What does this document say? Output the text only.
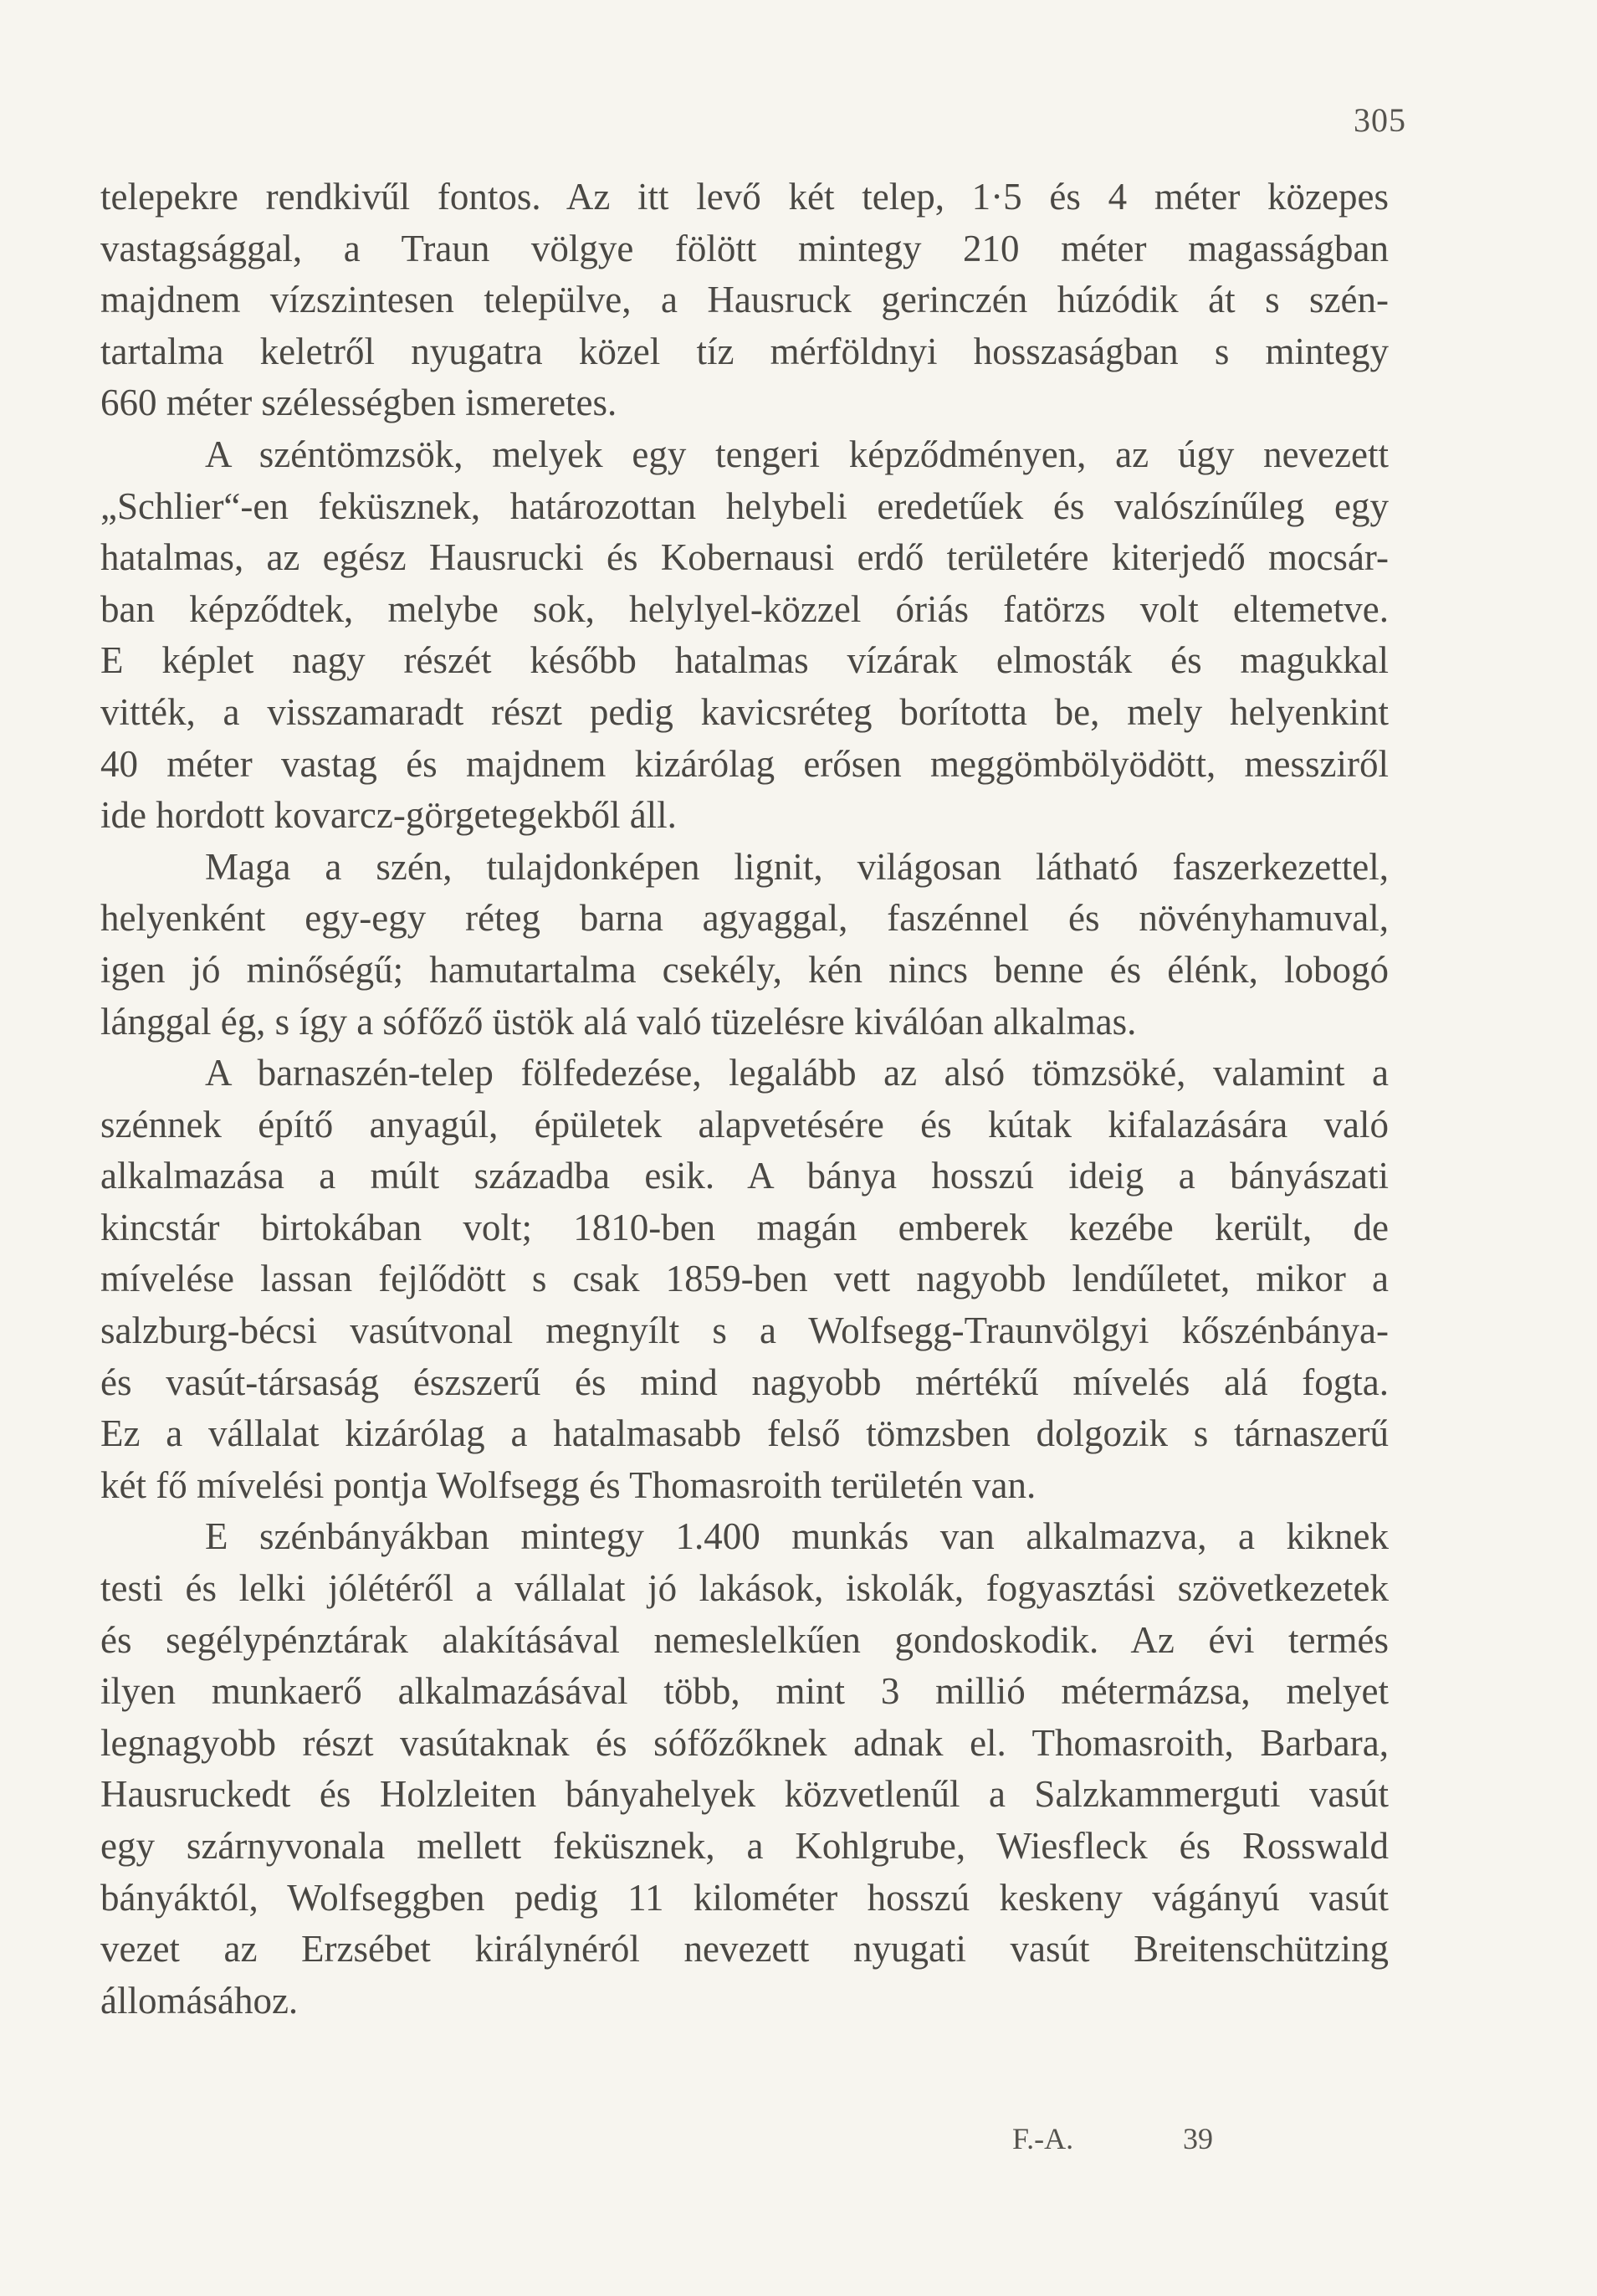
305
telepekre rendkivűl fontos. Az itt levő két telep, 1·5 és 4 méter közepes
vastagsággal, a Traun völgye fölött mintegy 210 méter magasságban
majdnem vízszintesen települve, a Hausruck gerinczén húzódik át s szén-
tartalma keletről nyugatra közel tíz mérföldnyi hosszaságban s mintegy
660 méter szélességben ismeretes.
A széntömzsök, melyek egy tengeri képződményen, az úgy nevezett
„Schlier“-en feküsznek, határozottan helybeli eredetűek és valószínűleg egy
hatalmas, az egész Hausrucki és Kobernausi erdő területére kiterjedő mocsár-
ban képződtek, melybe sok, helylyel-közzel óriás fatörzs volt eltemetve.
E képlet nagy részét később hatalmas vízárak elmosták és magukkal
vitték, a visszamaradt részt pedig kavicsréteg borította be, mely helyenkint
40 méter vastag és majdnem kizárólag erősen meggömbölyödött, messziről
ide hordott kovarcz-görgetegekből áll.
Maga a szén, tulajdonképen lignit, világosan látható faszerkezettel,
helyenként egy-egy réteg barna agyaggal, faszénnel és növényhamuval,
igen jó minőségű; hamutartalma csekély, kén nincs benne és élénk, lobogó
lánggal ég, s így a sófőző üstök alá való tüzelésre kiválóan alkalmas.
A barnaszén-telep fölfedezése, legalább az alsó tömzsöké, valamint a
szénnek építő anyagúl, épületek alapvetésére és kútak kifalazására való
alkalmazása a múlt századba esik. A bánya hosszú ideig a bányászati
kincstár birtokában volt; 1810-ben magán emberek kezébe került, de
mívelése lassan fejlődött s csak 1859-ben vett nagyobb lendűletet, mikor a
salzburg-bécsi vasútvonal megnyílt s a Wolfsegg-Traunvölgyi kőszénbánya-
és vasút-társaság észszerű és mind nagyobb mértékű mívelés alá fogta.
Ez a vállalat kizárólag a hatalmasabb felső tömzsben dolgozik s tárnaszerű
két fő mívelési pontja Wolfsegg és Thomasroith területén van.
E szénbányákban mintegy 1.400 munkás van alkalmazva, a kiknek
testi és lelki jólétéről a vállalat jó lakások, iskolák, fogyasztási szövetkezetek
és segélypénztárak alakításával nemeslelkűen gondoskodik. Az évi termés
ilyen munkaerő alkalmazásával több, mint 3 millió métermázsa, melyet
legnagyobb részt vasútaknak és sófőzőknek adnak el. Thomasroith, Barbara,
Hausruckedt és Holzleiten bányahelyek közvetlenűl a Salzkammerguti vasút
egy szárnyvonala mellett feküsznek, a Kohlgrube, Wiesfleck és Rosswald
bányáktól, Wolfseggben pedig 11 kilométer hosszú keskeny vágányú vasút
vezet az Erzsébet királynéról nevezett nyugati vasút Breitenschützing
állomásához.
F.-A.	39
